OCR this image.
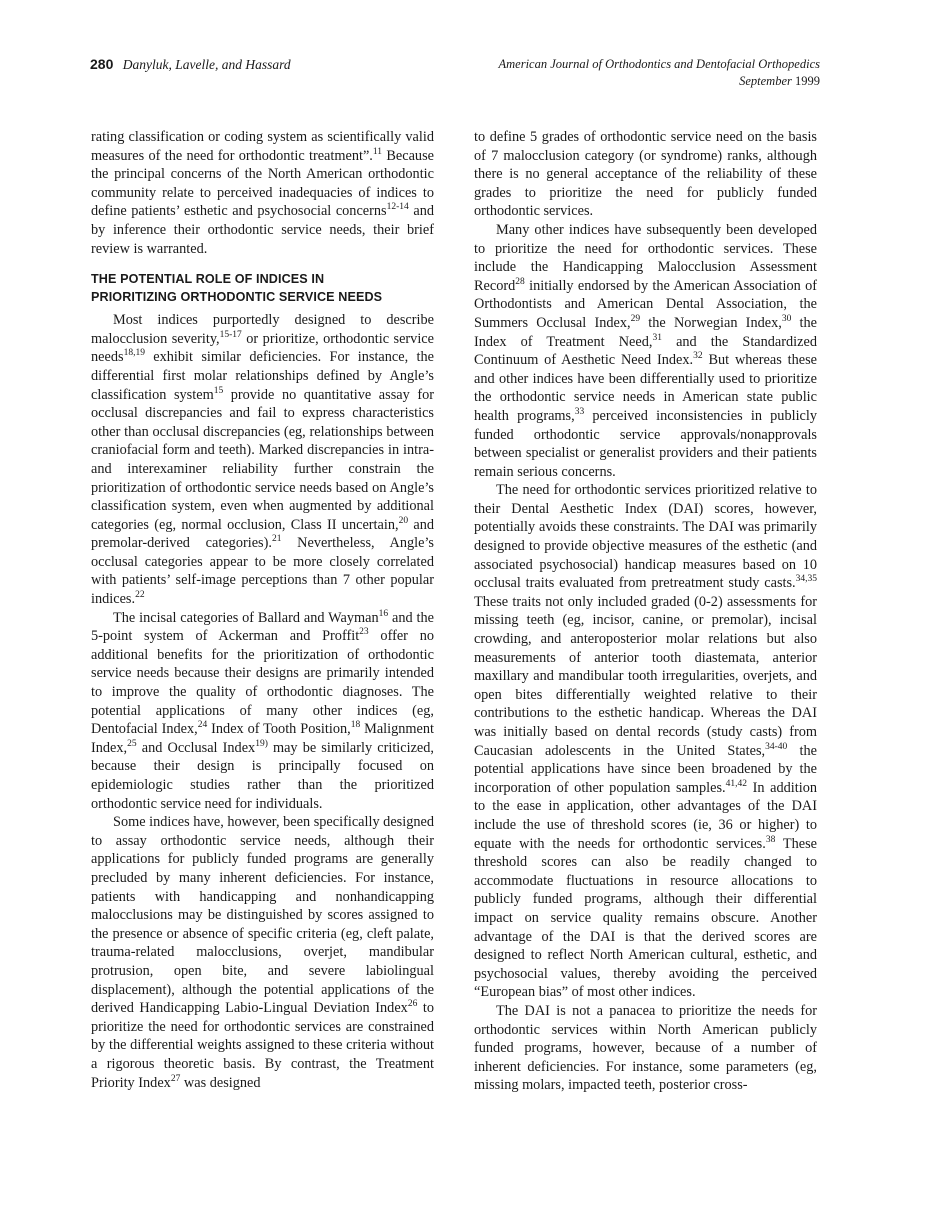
280 Danyluk, Lavelle, and Hassard	American Journal of Orthodontics and Dentofacial Orthopedics
September 1999

rating classification or coding system as scientifically valid measures of the need for orthodontic treatment”.$^{11}$ Because the principal concerns of the North American orthodontic community relate to perceived inadequacies of indices to define patients’ esthetic and psychosocial concerns$^{12-14}$ and by inference their orthodontic service needs, their brief review is warranted.

THE POTENTIAL ROLE OF INDICES IN
PRIORITIZING ORTHODONTIC SERVICE NEEDS

Most indices purportedly designed to describe malocclusion severity,$^{15-17}$ or prioritize, orthodontic service needs$^{18,19}$ exhibit similar deficiencies. For instance, the differential first molar relationships defined by Angle’s classification system$^{15}$ provide no quantitative assay for occlusal discrepancies and fail to express characteristics other than occlusal discrepancies (eg, relationships between craniofacial form and teeth). Marked discrepancies in intra- and interexaminer reliability further constrain the prioritization of orthodontic service needs based on Angle’s classification system, even when augmented by additional categories (eg, normal occlusion, Class II uncertain,$^{20}$ and premolar-derived categories).$^{21}$ Nevertheless, Angle’s occlusal categories appear to be more closely correlated with patients’ self-image perceptions than 7 other popular indices.$^{22}$

The incisal categories of Ballard and Wayman$^{16}$ and the 5-point system of Ackerman and Proffit$^{23}$ offer no additional benefits for the prioritization of orthodontic service needs because their designs are primarily intended to improve the quality of orthodontic diagnoses. The potential applications of many other indices (eg, Dentofacial Index,$^{24}$ Index of Tooth Position,$^{18}$ Malignment Index,$^{25}$ and Occlusal Index$^{19)}$ may be similarly criticized, because their design is principally focused on epidemiologic studies rather than the prioritized orthodontic service need for individuals.

Some indices have, however, been specifically designed to assay orthodontic service needs, although their applications for publicly funded programs are generally precluded by many inherent deficiencies. For instance, patients with handicapping and nonhandicapping malocclusions may be distinguished by scores assigned to the presence or absence of specific criteria (eg, cleft palate, trauma-related malocclusions, overjet, mandibular protrusion, open bite, and severe labiolingual displacement), although the potential applications of the derived Handicapping Labio-Lingual Deviation Index$^{26}$ to prioritize the need for orthodontic services are constrained by the differential weights assigned to these criteria without a rigorous theoretic basis. By contrast, the Treatment Priority Index$^{27}$ was designed

to define 5 grades of orthodontic service need on the basis of 7 malocclusion category (or syndrome) ranks, although there is no general acceptance of the reliability of these grades to prioritize the need for publicly funded orthodontic services.

Many other indices have subsequently been developed to prioritize the need for orthodontic services. These include the Handicapping Malocclusion Assessment Record$^{28}$ initially endorsed by the American Association of Orthodontists and American Dental Association, the Summers Occlusal Index,$^{29}$ the Norwegian Index,$^{30}$ the Index of Treatment Need,$^{31}$ and the Standardized Continuum of Aesthetic Need Index.$^{32}$ But whereas these and other indices have been differentially used to prioritize the orthodontic service needs in American state public health programs,$^{33}$ perceived inconsistencies in publicly funded orthodontic service approvals/nonapprovals between specialist or generalist providers and their patients remain serious concerns.

The need for orthodontic services prioritized relative to their Dental Aesthetic Index (DAI) scores, however, potentially avoids these constraints. The DAI was primarily designed to provide objective measures of the esthetic (and associated psychosocial) handicap measures based on 10 occlusal traits evaluated from pretreatment study casts.$^{34,35}$ These traits not only included graded (0-2) assessments for missing teeth (eg, incisor, canine, or premolar), incisal crowding, and anteroposterior molar relations but also measurements of anterior tooth diastemata, anterior maxillary and mandibular tooth irregularities, overjets, and open bites differentially weighted relative to their contributions to the esthetic handicap. Whereas the DAI was initially based on dental records (study casts) from Caucasian adolescents in the United States,$^{34-40}$ the potential applications have since been broadened by the incorporation of other population samples.$^{41,42}$ In addition to the ease in application, other advantages of the DAI include the use of threshold scores (ie, 36 or higher) to equate with the needs for orthodontic services.$^{38}$ These threshold scores can also be readily changed to accommodate fluctuations in resource allocations to publicly funded programs, although their differential impact on service quality remains obscure. Another advantage of the DAI is that the derived scores are designed to reflect North American cultural, esthetic, and psychosocial values, thereby avoiding the perceived “European bias” of most other indices.

The DAI is not a panacea to prioritize the needs for orthodontic services within North American publicly funded programs, however, because of a number of inherent deficiencies. For instance, some parameters (eg, missing molars, impacted teeth, posterior cross-
